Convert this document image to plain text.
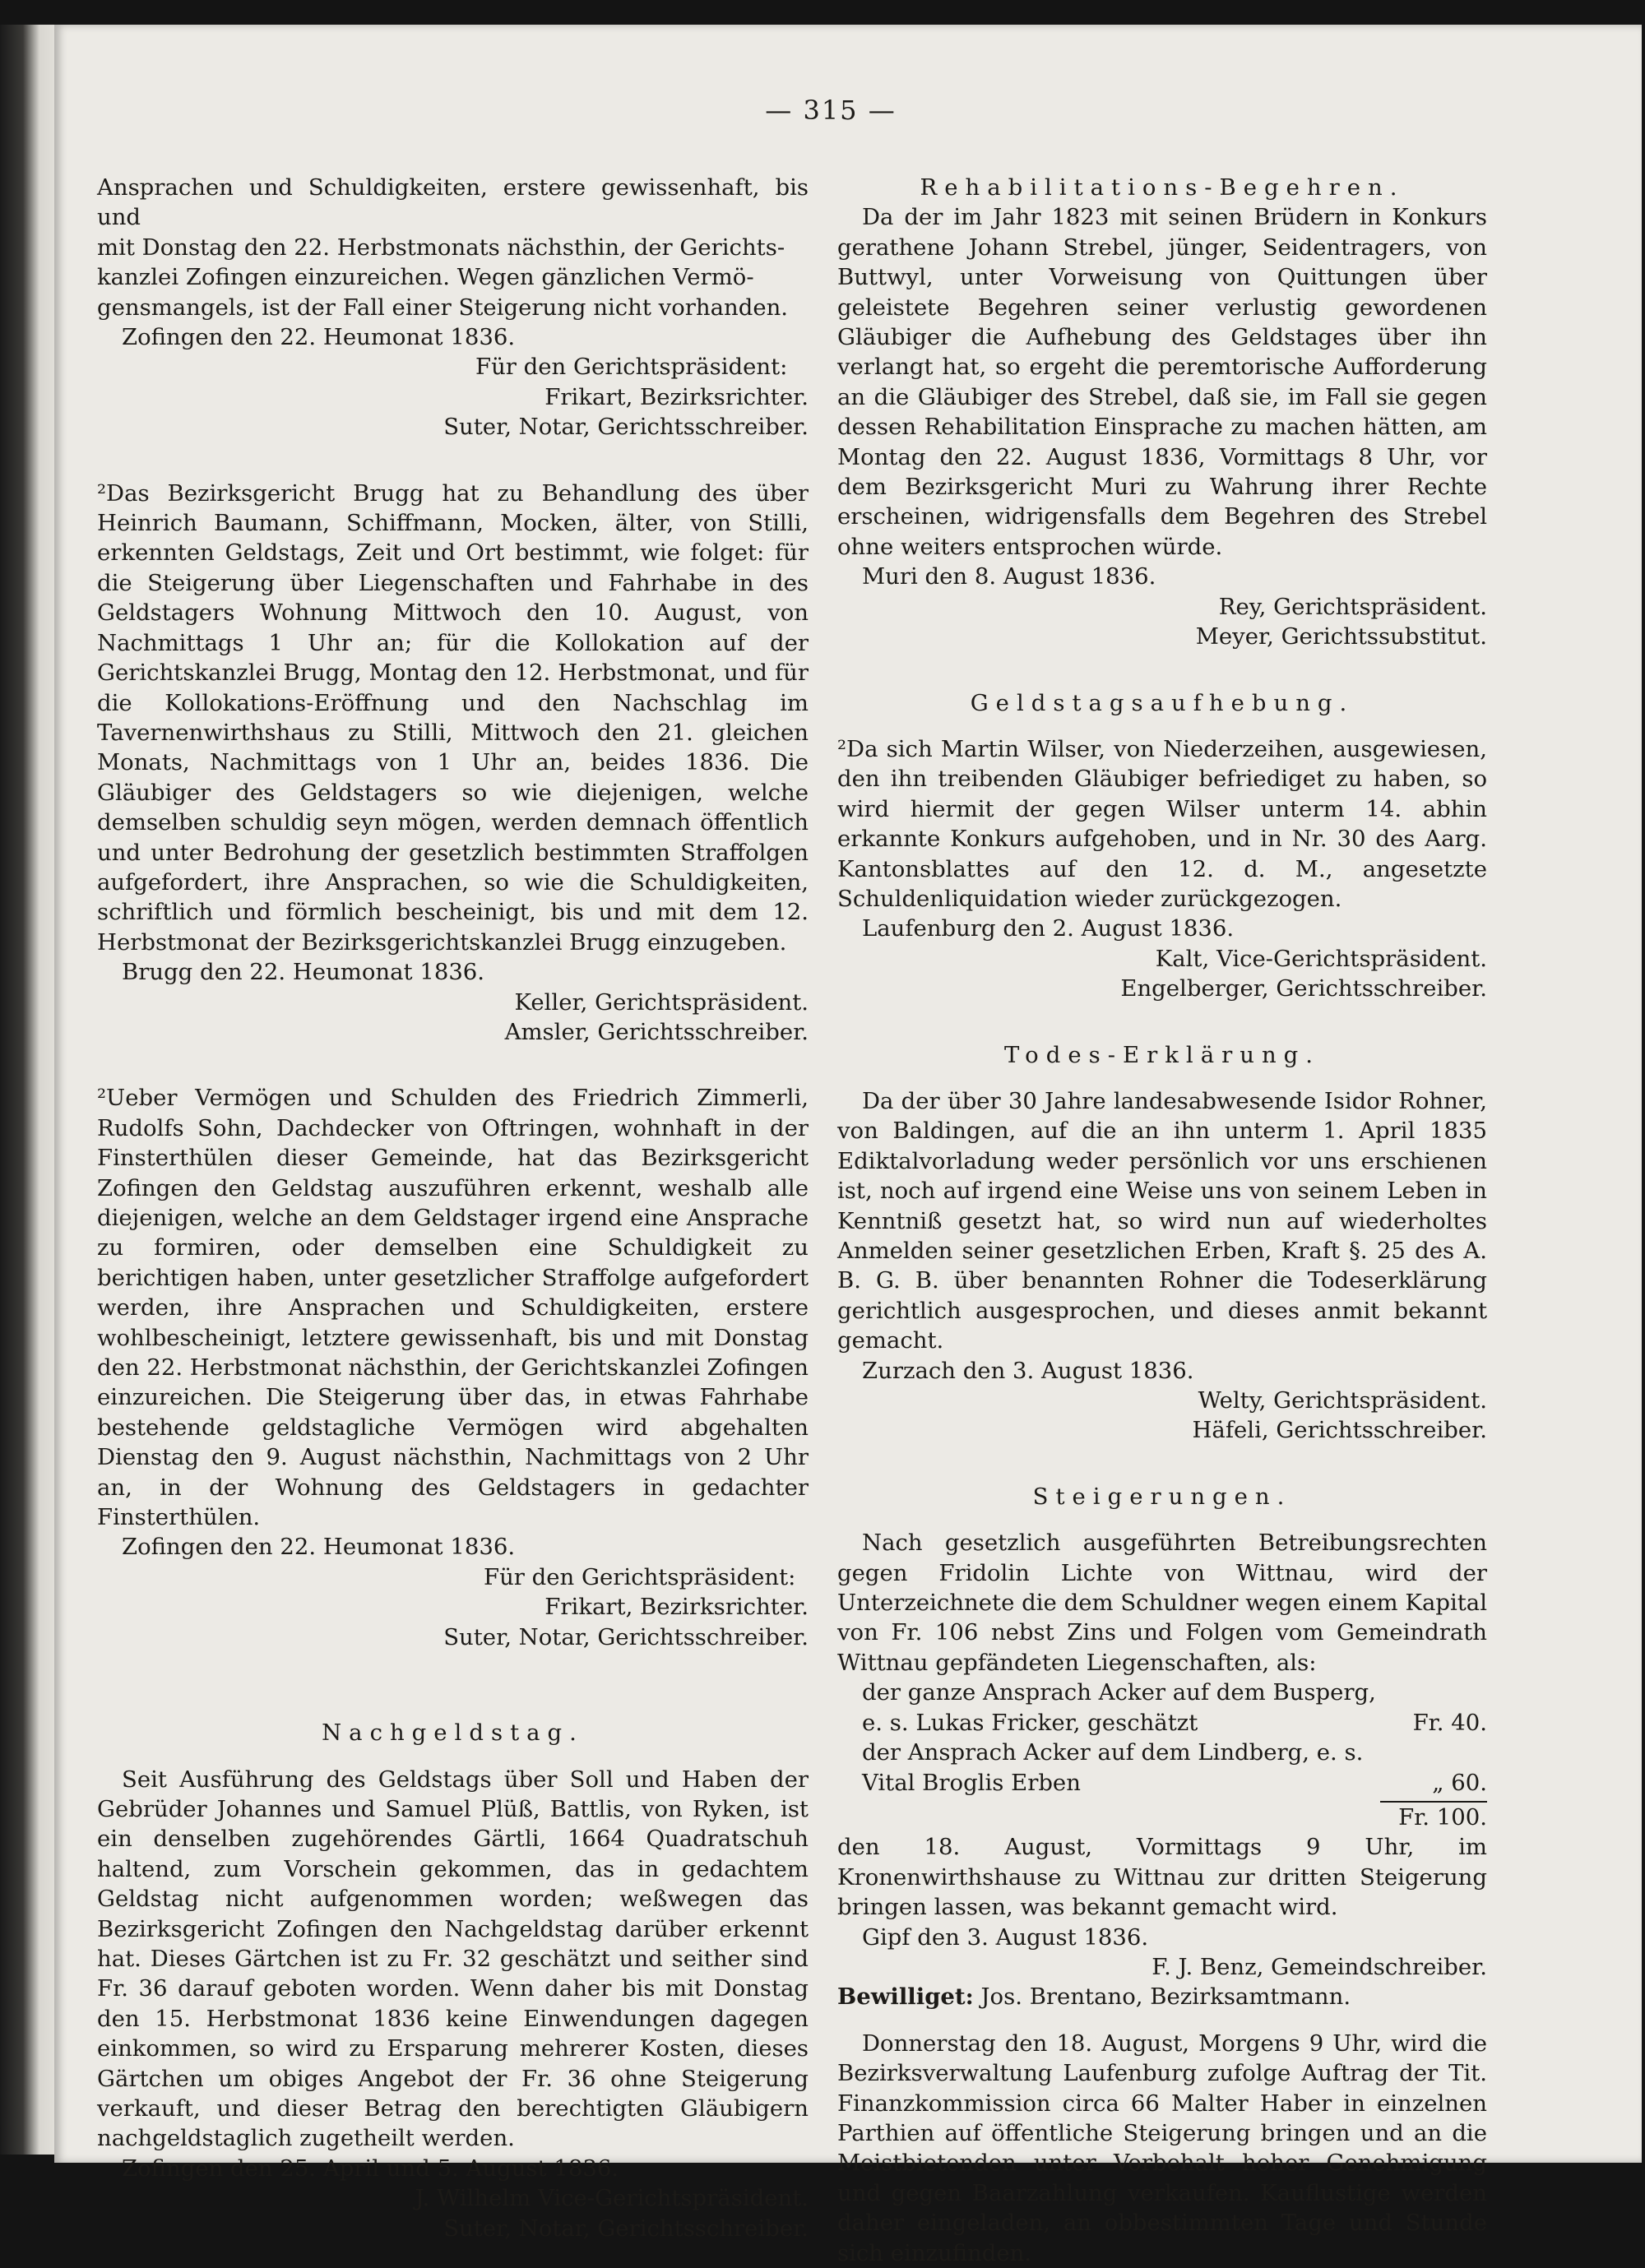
— 315 —

Ansprachen und Schuldigkeiten, erstere gewissenhaft, bis und

mit Donstag den 22. Herbstmonats nächsthin, der Gerichts-

kanzlei Zofingen einzureichen. Wegen gänzlichen Vermö-

gensmangels, ist der Fall einer Steigerung nicht vorhanden.

Zofingen den 22. Heumonat 1836.

Für den Gerichtspräsident:

Frikart, Bezirksrichter.

Suter, Notar, Gerichtsschreiber.

²Das Bezirksgericht Brugg hat zu Behandlung des über Heinrich Baumann, Schiffmann, Mocken, älter, von Stilli, erkennten Geldstags, Zeit und Ort bestimmt, wie folget: für die Steigerung über Liegenschaften und Fahrhabe in des Geldstagers Wohnung Mittwoch den 10. August, von Nachmittags 1 Uhr an; für die Kollokation auf der Gerichtskanzlei Brugg, Montag den 12. Herbstmonat, und für die Kollokations-Eröffnung und den Nachschlag im Tavernenwirthshaus zu Stilli, Mittwoch den 21. gleichen Monats, Nachmittags von 1 Uhr an, beides 1836. Die Gläubiger des Geldstagers so wie diejenigen, welche demselben schuldig seyn mögen, werden demnach öffentlich und unter Bedrohung der gesetzlich bestimmten Straffolgen aufgefordert, ihre Ansprachen, so wie die Schuldigkeiten, schriftlich und förmlich bescheinigt, bis und mit dem 12. Herbstmonat der Bezirksgerichtskanzlei Brugg einzugeben.

Brugg den 22. Heumonat 1836.

Keller, Gerichtspräsident.

Amsler, Gerichtsschreiber.

²Ueber Vermögen und Schulden des Friedrich Zimmerli, Rudolfs Sohn, Dachdecker von Oftringen, wohnhaft in der Finsterthülen dieser Gemeinde, hat das Bezirksgericht Zofingen den Geldstag auszuführen erkennt, weshalb alle diejenigen, welche an dem Geldstager irgend eine Ansprache zu formiren, oder demselben eine Schuldigkeit zu berichtigen haben, unter gesetzlicher Straffolge aufgefordert werden, ihre Ansprachen und Schuldigkeiten, erstere wohlbescheinigt, letztere gewissenhaft, bis und mit Donstag den 22. Herbstmonat nächsthin, der Gerichtskanzlei Zofingen einzureichen. Die Steigerung über das, in etwas Fahrhabe bestehende geldstagliche Vermögen wird abgehalten Dienstag den 9. August nächsthin, Nachmittags von 2 Uhr an, in der Wohnung des Geldstagers in gedachter Finsterthülen.

Zofingen den 22. Heumonat 1836.

Für den Gerichtspräsident:

Frikart, Bezirksrichter.

Suter, Notar, Gerichtsschreiber.

Nachgeldstag.

Seit Ausführung des Geldstags über Soll und Haben der Gebrüder Johannes und Samuel Plüß, Battlis, von Ryken, ist ein denselben zugehörendes Gärtli, 1664 Quadratschuh haltend, zum Vorschein gekommen, das in gedachtem Geldstag nicht aufgenommen worden; weßwegen das Bezirksgericht Zofingen den Nachgeldstag darüber erkennt hat. Dieses Gärtchen ist zu Fr. 32 geschätzt und seither sind Fr. 36 darauf geboten worden. Wenn daher bis mit Donstag den 15. Herbstmonat 1836 keine Einwendungen dagegen einkommen, so wird zu Ersparung mehrerer Kosten, dieses Gärtchen um obiges Angebot der Fr. 36 ohne Steigerung verkauft, und dieser Betrag den berechtigten Gläubigern nachgeldstaglich zugetheilt werden.

Zofingen den 25. April und 5. August 1836.

J. Wilhelm Vice-Gerichtspräsident.

Suter, Notar, Gerichtsschreiber.

Rehabilitations-Begehren.

Da der im Jahr 1823 mit seinen Brüdern in Konkurs gerathene Johann Strebel, jünger, Seidentragers, von Buttwyl, unter Vorweisung von Quittungen über geleistete Begehren seiner verlustig gewordenen Gläubiger die Aufhebung des Geldstages über ihn verlangt hat, so ergeht die peremtorische Aufforderung an die Gläubiger des Strebel, daß sie, im Fall sie gegen dessen Rehabilitation Einsprache zu machen hätten, am Montag den 22. August 1836, Vormittags 8 Uhr, vor dem Bezirksgericht Muri zu Wahrung ihrer Rechte erscheinen, widrigensfalls dem Begehren des Strebel ohne weiters entsprochen würde.

Muri den 8. August 1836.

Rey, Gerichtspräsident.

Meyer, Gerichtssubstitut.

Geldstagsaufhebung.

²Da sich Martin Wilser, von Niederzeihen, ausgewiesen, den ihn treibenden Gläubiger befriediget zu haben, so wird hiermit der gegen Wilser unterm 14. abhin erkannte Konkurs aufgehoben, und in Nr. 30 des Aarg. Kantonsblattes auf den 12. d. M., angesetzte Schuldenliquidation wieder zurückgezogen.

Laufenburg den 2. August 1836.

Kalt, Vice-Gerichtspräsident.

Engelberger, Gerichtsschreiber.

Todes-Erklärung.

Da der über 30 Jahre landesabwesende Isidor Rohner, von Baldingen, auf die an ihn unterm 1. April 1835 Ediktalvorladung weder persönlich vor uns erschienen ist, noch auf irgend eine Weise uns von seinem Leben in Kenntniß gesetzt hat, so wird nun auf wiederholtes Anmelden seiner gesetzlichen Erben, Kraft §. 25 des A. B. G. B. über benannten Rohner die Todeserklärung gerichtlich ausgesprochen, und dieses anmit bekannt gemacht.

Zurzach den 3. August 1836.

Welty, Gerichtspräsident.

Häfeli, Gerichtsschreiber.

Steigerungen.

Nach gesetzlich ausgeführten Betreibungsrechten gegen Fridolin Lichte von Wittnau, wird der Unterzeichnete die dem Schuldner wegen einem Kapital von Fr. 106 nebst Zins und Folgen vom Gemeindrath Wittnau gepfändeten Liegenschaften, als:

der ganze Ansprach Acker auf dem Busperg,

e. s. Lukas Fricker, geschätzt	Fr. 40.

der Ansprach Acker auf dem Lindberg, e. s.

Vital Broglis Erben	„ 60.

Fr. 100.

den 18. August, Vormittags 9 Uhr, im Kronenwirthshause zu Wittnau zur dritten Steigerung bringen lassen, was bekannt gemacht wird.

Gipf den 3. August 1836.

F. J. Benz, Gemeindschreiber.

Bewilliget: Jos. Brentano, Bezirksamtmann.

Donnerstag den 18. August, Morgens 9 Uhr, wird die Bezirksverwaltung Laufenburg zufolge Auftrag der Tit. Finanzkommission circa 66 Malter Haber in einzelnen Parthien auf öffentliche Steigerung bringen und an die Meistbietenden unter Vorbehalt hoher Genehmigung und gegen Baarzahlung verkaufen. Kauflustige werden daher eingeladen, an obbestimmten Tage und Stunde sich einzufinden.
